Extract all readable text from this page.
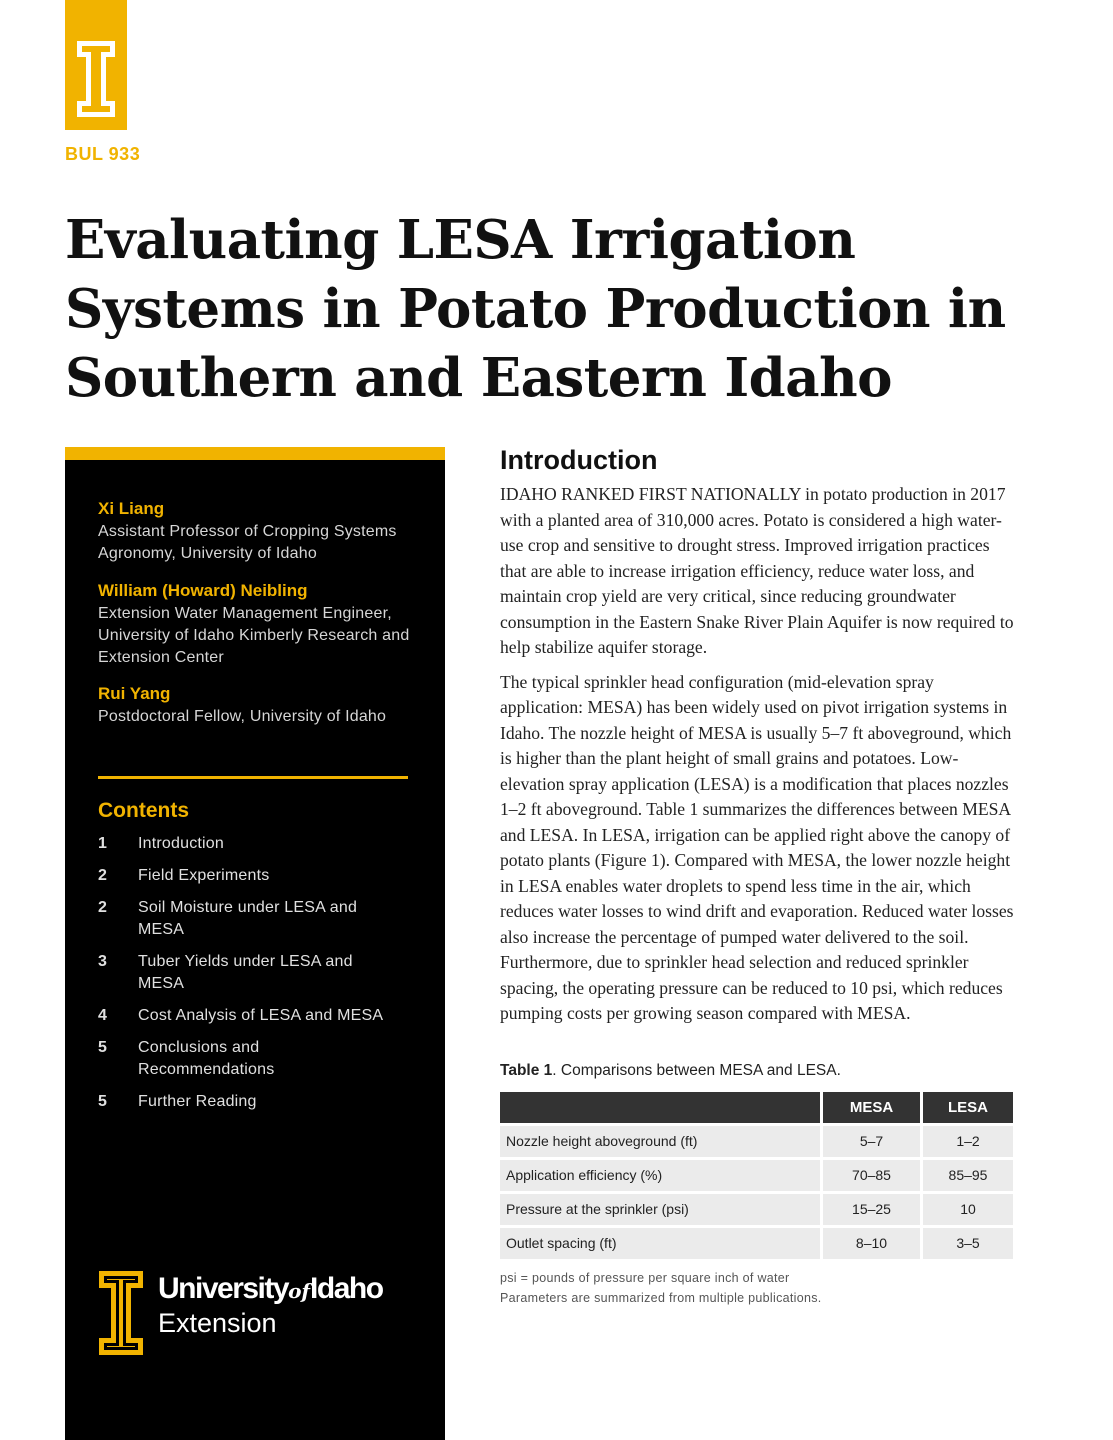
BUL 933
Evaluating LESA Irrigation Systems in Potato Production in Southern and Eastern Idaho
Xi Liang
Assistant Professor of Cropping Systems Agronomy, University of Idaho
William (Howard) Neibling
Extension Water Management Engineer, University of Idaho Kimberly Research and Extension Center
Rui Yang
Postdoctoral Fellow, University of Idaho
Contents
1	Introduction
2	Field Experiments
2	Soil Moisture under LESA and MESA
3	Tuber Yields under LESA and MESA
4	Cost Analysis of LESA and MESA
5	Conclusions and Recommendations
5	Further Reading
UniversityofIdaho
Extension
Introduction

IDAHO RANKED FIRST NATIONALLY in potato production in 2017 with a planted area of 310,000 acres. Potato is considered a high water-use crop and sensitive to drought stress. Improved irrigation practices that are able to increase irrigation efficiency, reduce water loss, and maintain crop yield are very critical, since reducing groundwater consumption in the Eastern Snake River Plain Aquifer is now required to help stabilize aquifer storage.

The typical sprinkler head configuration (mid-elevation spray application: MESA) has been widely used on pivot irrigation systems in Idaho. The nozzle height of MESA is usually 5–7 ft aboveground, which is higher than the plant height of small grains and potatoes. Low-elevation spray application (LESA) is a modification that places nozzles 1–2 ft aboveground. Table 1 summarizes the differences between MESA and LESA. In LESA, irrigation can be applied right above the canopy of potato plants (Figure 1). Compared with MESA, the lower nozzle height in LESA enables water droplets to spend less time in the air, which reduces water losses to wind drift and evaporation. Reduced water losses also increase the percentage of pumped water delivered to the soil. Furthermore, due to sprinkler head selection and reduced sprinkler spacing, the operating pressure can be reduced to 10 psi, which reduces pumping costs per growing season compared with MESA.

Table 1. Comparisons between MESA and LESA.
	MESA	LESA
Nozzle height aboveground (ft)	5–7	1–2
Application efficiency (%)	70–85	85–95
Pressure at the sprinkler (psi)	15–25	10
Outlet spacing (ft)	8–10	3–5
psi = pounds of pressure per square inch of water
Parameters are summarized from multiple publications.
